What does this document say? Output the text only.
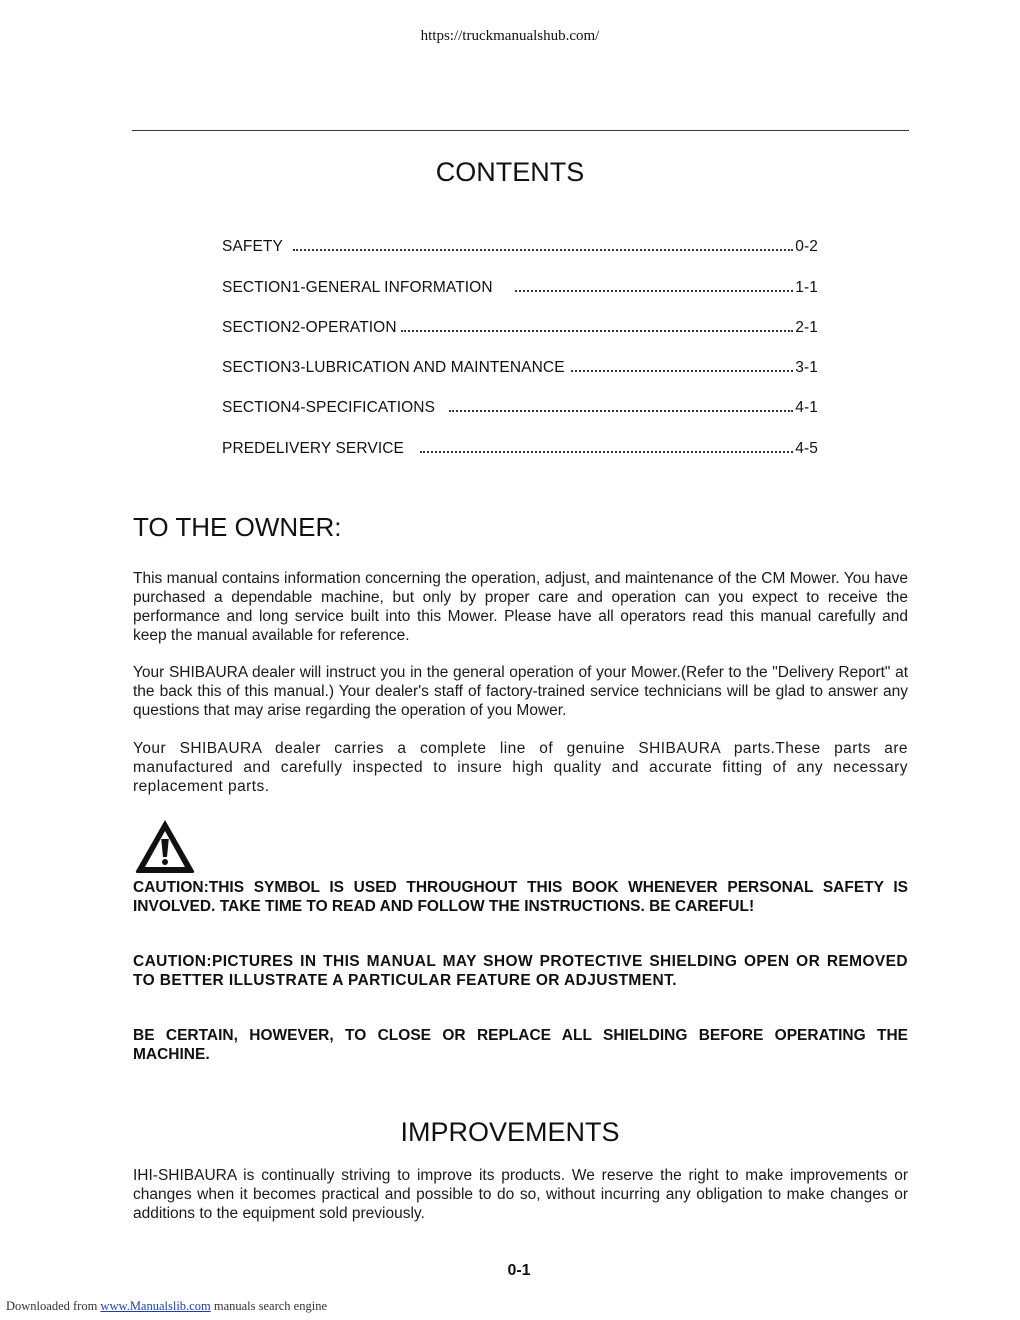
https://truckmanualshub.com/
CONTENTS
SAFETY	0-2
SECTION1-GENERAL INFORMATION	1-1
SECTION2-OPERATION	2-1
SECTION3-LUBRICATION AND MAINTENANCE	3-1
SECTION4-SPECIFICATIONS	4-1
PREDELIVERY SERVICE	4-5
TO THE OWNER:

This manual contains information concerning the operation, adjust, and maintenance of the CM Mower. You have purchased a dependable machine, but only by proper care and operation can you expect to receive the performance and long service built into this Mower. Please have all operators read this manual carefully and keep the manual available for reference.

Your SHIBAURA dealer will instruct you in the general operation of your Mower.(Refer to the "Delivery Report" at the back this of this manual.) Your dealer's staff of factory-trained service technicians will be glad to answer any questions that may arise regarding the operation of you Mower.

Your SHIBAURA dealer carries a complete line of genuine SHIBAURA parts.These parts are manufactured and carefully inspected to insure high quality and accurate fitting of any necessary replacement parts.

CAUTION:THIS SYMBOL IS USED THROUGHOUT THIS BOOK WHENEVER PERSONAL SAFETY IS INVOLVED. TAKE TIME TO READ AND FOLLOW THE INSTRUCTIONS. BE CAREFUL!

CAUTION:PICTURES IN THIS MANUAL MAY SHOW PROTECTIVE SHIELDING OPEN OR REMOVED TO BETTER ILLUSTRATE A PARTICULAR FEATURE OR ADJUSTMENT.

BE CERTAIN, HOWEVER, TO CLOSE OR REPLACE ALL SHIELDING BEFORE OPERATING THE MACHINE.

IMPROVEMENTS

IHI-SHIBAURA is continually striving to improve its products. We reserve the right to make improvements or changes when it becomes practical and possible to do so, without incurring any obligation to make changes or additions to the equipment sold previously.

0-1
Downloaded from www.Manualslib.com manuals search engine
